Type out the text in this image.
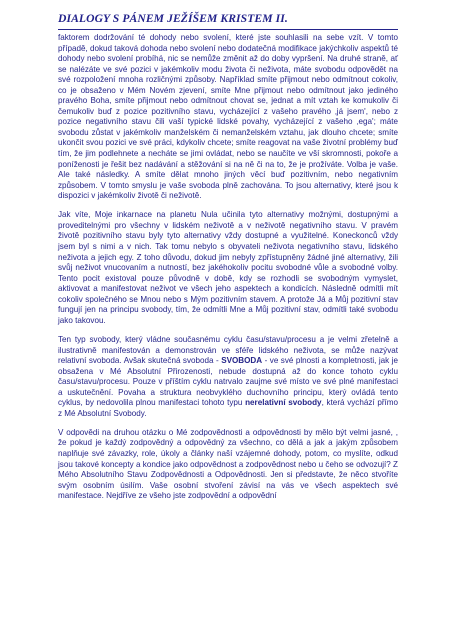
DIALOGY S PÁNEM JEŽÍŠEM KRISTEM II.

faktorem dodržování té dohody nebo svolení, které jste souhlasili na sebe vzít. V tomto případě, dokud taková dohoda nebo svolení nebo dodatečná modifikace jakýchkoliv aspektů té dohody nebo svolení probíhá, nic se nemůže změnit až do doby vypršení. Na druhé straně, ať se nalézáte ve své pozici v jakémkoliv modu života či neživota, máte svobodu odpovědět na své rozpoložení mnoha rozličnými způsoby. Například smíte přijmout nebo odmítnout cokoliv, co je obsaženo v Mém Novém zjevení, smíte Mne přijmout nebo odmítnout jako jediného pravého Boha, smíte přijmout nebo odmítnout chovat se, jednat a mít vztah ke komukoliv či čemukoliv buď z pozice pozitivního stavu, vycházející z vašeho pravého ‚já jsem', nebo z pozice negativního stavu čili vaší typické lidské povahy, vycházející z vašeho ‚ega'; máte svobodu zůstat v jakémkoliv manželském či nemanželském vztahu, jak dlouho chcete; smíte ukončit svou pozici ve své práci, kdykoliv chcete; smíte reagovat na vaše životní problémy buď tím, že jim podlehnete a necháte se jimi ovládat, nebo se naučíte ve vší skromnosti, pokoře a poníženosti je řešit bez nadávání a stěžování si na ně či na to, že je prožíváte. Volba je vaše. Ale také následky. A smíte dělat mnoho jiných věcí buď pozitivním, nebo negativním způsobem. V tomto smyslu je vaše svoboda plně zachována. To jsou alternativy, které jsou k dispozici v jakémkoliv životě či neživotě.

Jak víte, Moje inkarnace na planetu Nula učinila tyto alternativy možnými, dostupnými a proveditelnými pro všechny v lidském neživotě a v neživotě negativního stavu. V pravém životě pozitivního stavu byly tyto alternativy vždy dostupné a využitelné. Koneckonců vždy jsem byl s nimi a v nich. Tak tomu nebylo s obyvateli neživota negativního stavu, lidského neživota a jejich egy. Z toho důvodu, dokud jim nebyly zpřístupněny žádné jiné alternativy, žili svůj neživot vnucovaním a nutností, bez jakéhokoliv pocitu svobodné vůle a svobodné volby. Tento pocit existoval pouze původně v době, kdy se rozhodli se svobodným vymyslet, aktivovat a manifestovat neživot ve všech jeho aspektech a kondicích. Následně odmítli mít cokoliv společného se Mnou nebo s Mým pozitivním stavem. A protože Já a Můj pozitivní stav fungují jen na principu svobody, tím, že odmítli Mne a Můj pozitivní stav, odmítli také svobodu jako takovou.

Ten typ svobody, který vládne současnému cyklu času/stavu/procesu a je velmi zřetelně a ilustrativně manifestován a demonstrován ve sféře lidského neživota, se může nazývat relativní svoboda. Avšak skutečná svoboda - SVOBODA - ve své plnosti a kompletnosti, jak je obsažena v Mé Absolutní Přirozenosti, nebude dostupná až do konce tohoto cyklu času/stavu/procesu. Pouze v příštím cyklu natrvalo zaujme své místo ve své plné manifestaci a uskutečnění. Povaha a struktura neobvyklého duchovního principu, který ovládá tento cyklus, by nedovolila plnou manifestaci tohoto typu nerelativní svobody, která vychází přímo z Mé Absolutní Svobody.

V odpovědi na druhou otázku o Mé zodpovědnosti a odpovědnosti by mělo být velmi jasné, , že pokud je každý zodpovědný a odpovědný za všechno, co dělá a jak a jakým způsobem naplňuje své závazky, role, úkoly a články naší vzájemné dohody, potom, co myslíte, odkud jsou takové koncepty a kondice jako odpovědnost a zodpovědnost nebo u čeho se odvozují? Z Mého Absolutního Stavu Zodpovědnosti a Odpovědnosti. Jen si představte, že něco stvoříte svým osobním úsilím. Vaše osobní stvoření závisí na vás ve všech aspektech své manifestace. Nejdříve ze všeho jste zodpovědní a odpovědní
